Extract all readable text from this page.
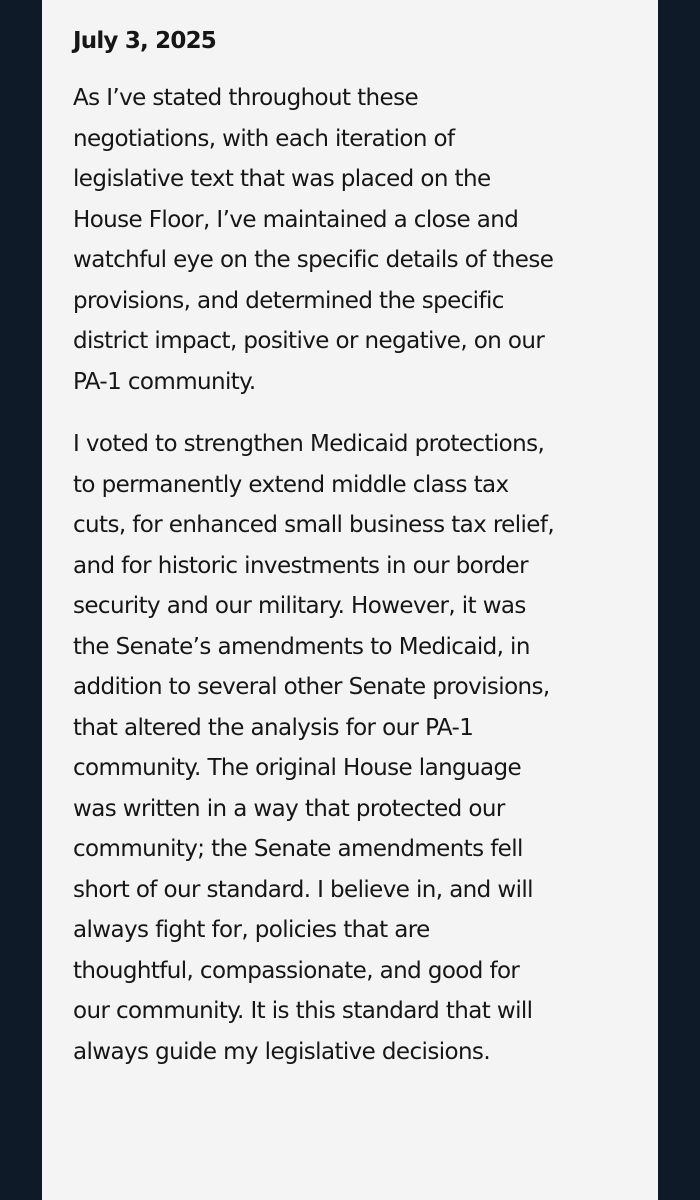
July 3, 2025
As I’ve stated throughout these
negotiations, with each iteration of
legislative text that was placed on the
House Floor, I’ve maintained a close and
watchful eye on the specific details of these
provisions, and determined the specific
district impact, positive or negative, on our
PA-1 community.
I voted to strengthen Medicaid protections,
to permanently extend middle class tax
cuts, for enhanced small business tax relief,
and for historic investments in our border
security and our military. However, it was
the Senate’s amendments to Medicaid, in
addition to several other Senate provisions,
that altered the analysis for our PA-1
community. The original House language
was written in a way that protected our
community; the Senate amendments fell
short of our standard. I believe in, and will
always fight for, policies that are
thoughtful, compassionate, and good for
our community. It is this standard that will
always guide my legislative decisions.
